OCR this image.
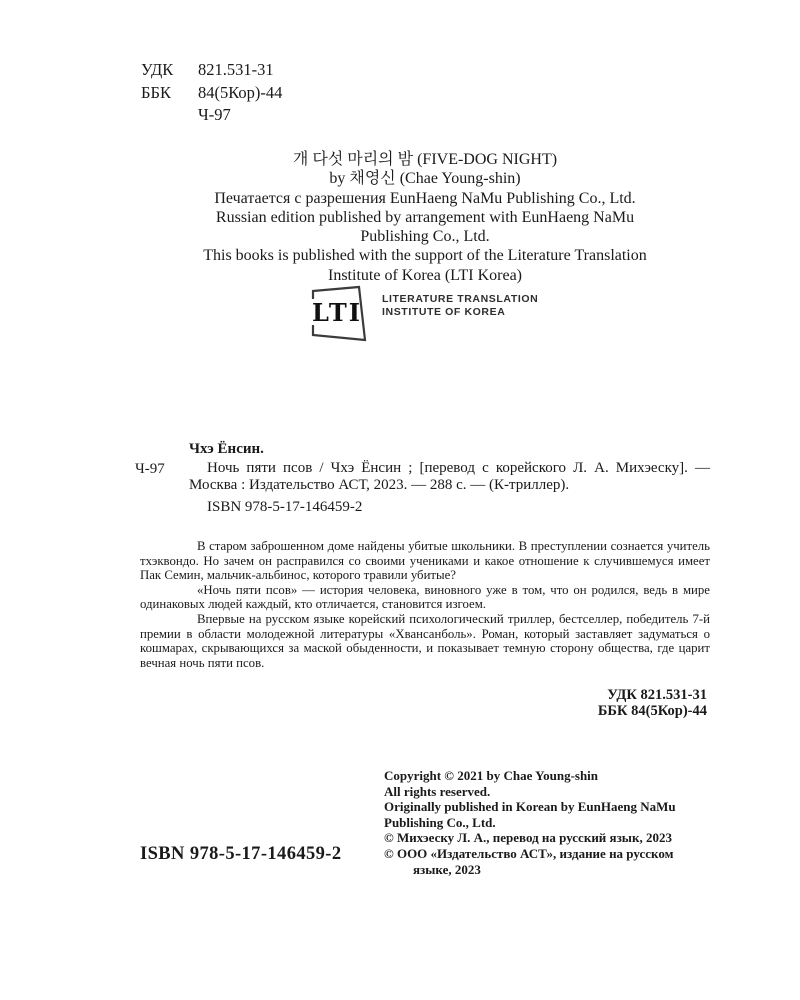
УДК	821.531-31
ББК	84(5Кор)-44
Ч-97
개 다섯 마리의 밤 (FIVE-DOG NIGHT)
by 채영신 (Chae Young-shin)
Печатается с разрешения EunHaeng NaMu Publishing Co., Ltd.
Russian edition published by arrangement with EunHaeng NaMu
Publishing Co., Ltd.
This books is published with the support of the Literature Translation
Institute of Korea (LTI Korea)
LTI LITERATURE TRANSLATION
INSTITUTE OF KOREA
Ч-97
Чхэ Ёнсин.

Ночь пяти псов / Чхэ Ёнсин ; [перевод с корейского Л. А. Михэеску]. — Москва : Издательство АСТ, 2023. — 288 с. — (К-триллер).

ISBN 978-5-17-146459-2

В старом заброшенном доме найдены убитые школьники. В преступлении сознается учитель тхэквондо. Но зачем он расправился со своими учениками и какое отношение к случившемуся имеет Пак Семин, мальчик-альбинос, которого травили убитые?

«Ночь пяти псов» — история человека, виновного уже в том, что он родился, ведь в мире одинаковых людей каждый, кто отличается, становится изгоем.

Впервые на русском языке корейский психологический триллер, бестселлер, победитель 7-й премии в области молодежной литературы «Хвансанболь». Роман, который заставляет задуматься о кошмарах, скрывающихся за маской обыденности, и показывает темную сторону общества, где царит вечная ночь пяти псов.

УДК 821.531-31
ББК 84(5Кор)-44
Copyright © 2021 by Chae Young-shin
All rights reserved.
Originally published in Korean by EunHaeng NaMu
Publishing Co., Ltd.
© Михэеску Л. А., перевод на русский язык, 2023
© ООО «Издательство АСТ», издание на русском
языке, 2023
ISBN 978-5-17-146459-2
